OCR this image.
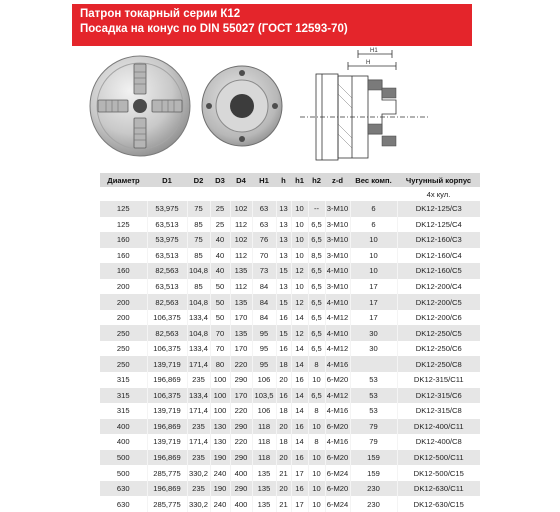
Патрон токарный серии К12
Посадка на конус по DIN 55027 (ГОСТ 12593-70)
H1
H
Диаметр	D1	D2	D3	D4	H1	h	h1	h2	z-d	Вес комп.	Чугунный корпус
											4х кул.
125	53,975	75	25	102	63	13	10	--	3-M10	6	DK12-125/C3
125	63,513	85	25	112	63	13	10	6,5	3-M10	6	DK12-125/C4
160	53,975	75	40	102	76	13	10	6,5	3-M10	10	DK12-160/C3
160	63,513	85	40	112	70	13	10	8,5	3-M10	10	DK12-160/C4
160	82,563	104,8	40	135	73	15	12	6,5	4-M10	10	DK12-160/C5
200	63,513	85	50	112	84	13	10	6,5	3-M10	17	DK12-200/C4
200	82,563	104,8	50	135	84	15	12	6,5	4-M10	17	DK12-200/C5
200	106,375	133,4	50	170	84	16	14	6,5	4-M12	17	DK12-200/C6
250	82,563	104,8	70	135	95	15	12	6,5	4-M10	30	DK12-250/C5
250	106,375	133,4	70	170	95	16	14	6,5	4-M12	30	DK12-250/C6
250	139,719	171,4	80	220	95	18	14	8	4-M16		DK12-250/C8
315	196,869	235	100	290	106	20	16	10	6-M20	53	DK12-315/C11
315	106,375	133,4	100	170	103,5	16	14	6,5	4-M12	53	DK12-315/C6
315	139,719	171,4	100	220	106	18	14	8	4-M16	53	DK12-315/C8
400	196,869	235	130	290	118	20	16	10	6-M20	79	DK12-400/C11
400	139,719	171,4	130	220	118	18	14	8	4-M16	79	DK12-400/C8
500	196,869	235	190	290	118	20	16	10	6-M20	159	DK12-500/C11
500	285,775	330,2	240	400	135	21	17	10	6-M24	159	DK12-500/C15
630	196,869	235	190	290	135	20	16	10	6-M20	230	DK12-630/C11
630	285,775	330,2	240	400	135	21	17	10	6-M24	230	DK12-630/C15
